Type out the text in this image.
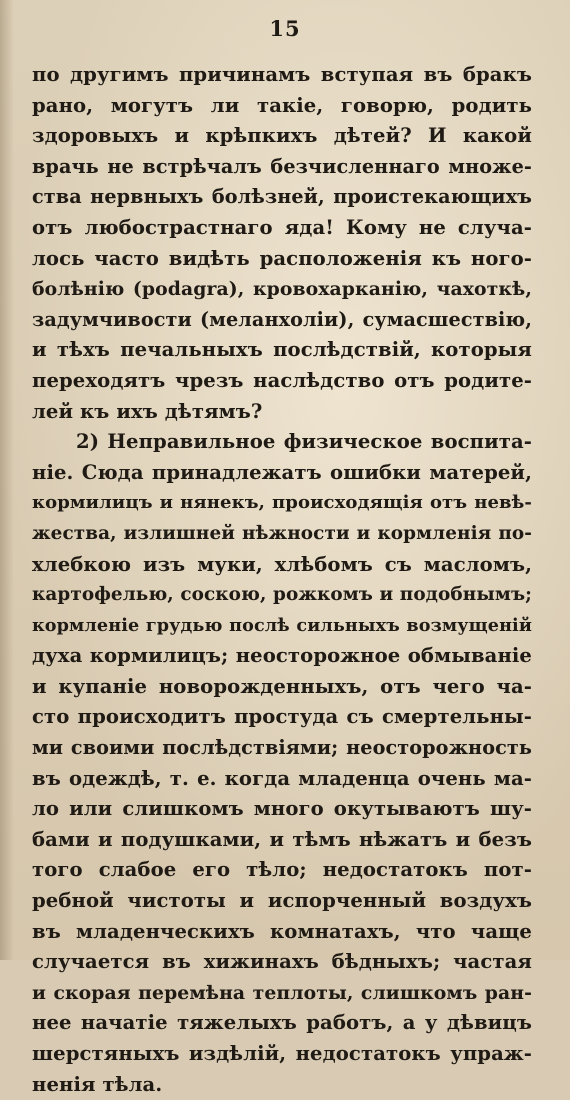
15
по другимъ причинамъ вступая въ бракъ
рано, могутъ ли такіе, говорю, родить
здоровыхъ и крѣпкихъ дѣтей? И какой
врачь не встрѣчалъ безчисленнаго множе-
ства нервныхъ болѣзней, проистекающихъ
отъ любострастнаго яда! Кому не случа-
лось часто видѣть расположенія къ ного-
болѣнію (podagra), кровохарканію, чахоткѣ,
задумчивости (меланхоліи), сумасшествію,
и тѣхъ печальныхъ послѣдствій, которыя
переходятъ чрезъ наслѣдство отъ родите-
лей къ ихъ дѣтямъ?
2) Неправильное физическое воспита-
ніе. Сюда принадлежатъ ошибки матерей,
кормилицъ и нянекъ, происходящія отъ невѣ-
жества, излишней нѣжности и кормленія по-
хлебкою изъ муки, хлѣбомъ съ масломъ,
картофелью, соскою, рожкомъ и подобнымъ;
кормленіе грудью послѣ сильныхъ возмущеній
духа кормилицъ; неосторожное обмываніе
и купаніе новорожденныхъ, отъ чего ча-
сто происходитъ простуда съ смертельны-
ми своими послѣдствіями; неосторожность
въ одеждѣ, т. е. когда младенца очень ма-
ло или слишкомъ много окутываютъ шу-
бами и подушками, и тѣмъ нѣжатъ и безъ
того слабое его тѣло; недостатокъ пот-
ребной чистоты и испорченный воздухъ
въ младенческихъ комнатахъ, что чаще
случается въ хижинахъ бѣдныхъ; частая
и скорая перемѣна теплоты, слишкомъ ран-
нее начатіе тяжелыхъ работъ, а у дѣвицъ
шерстяныхъ издѣлій, недостатокъ упраж-
ненія тѣла.
